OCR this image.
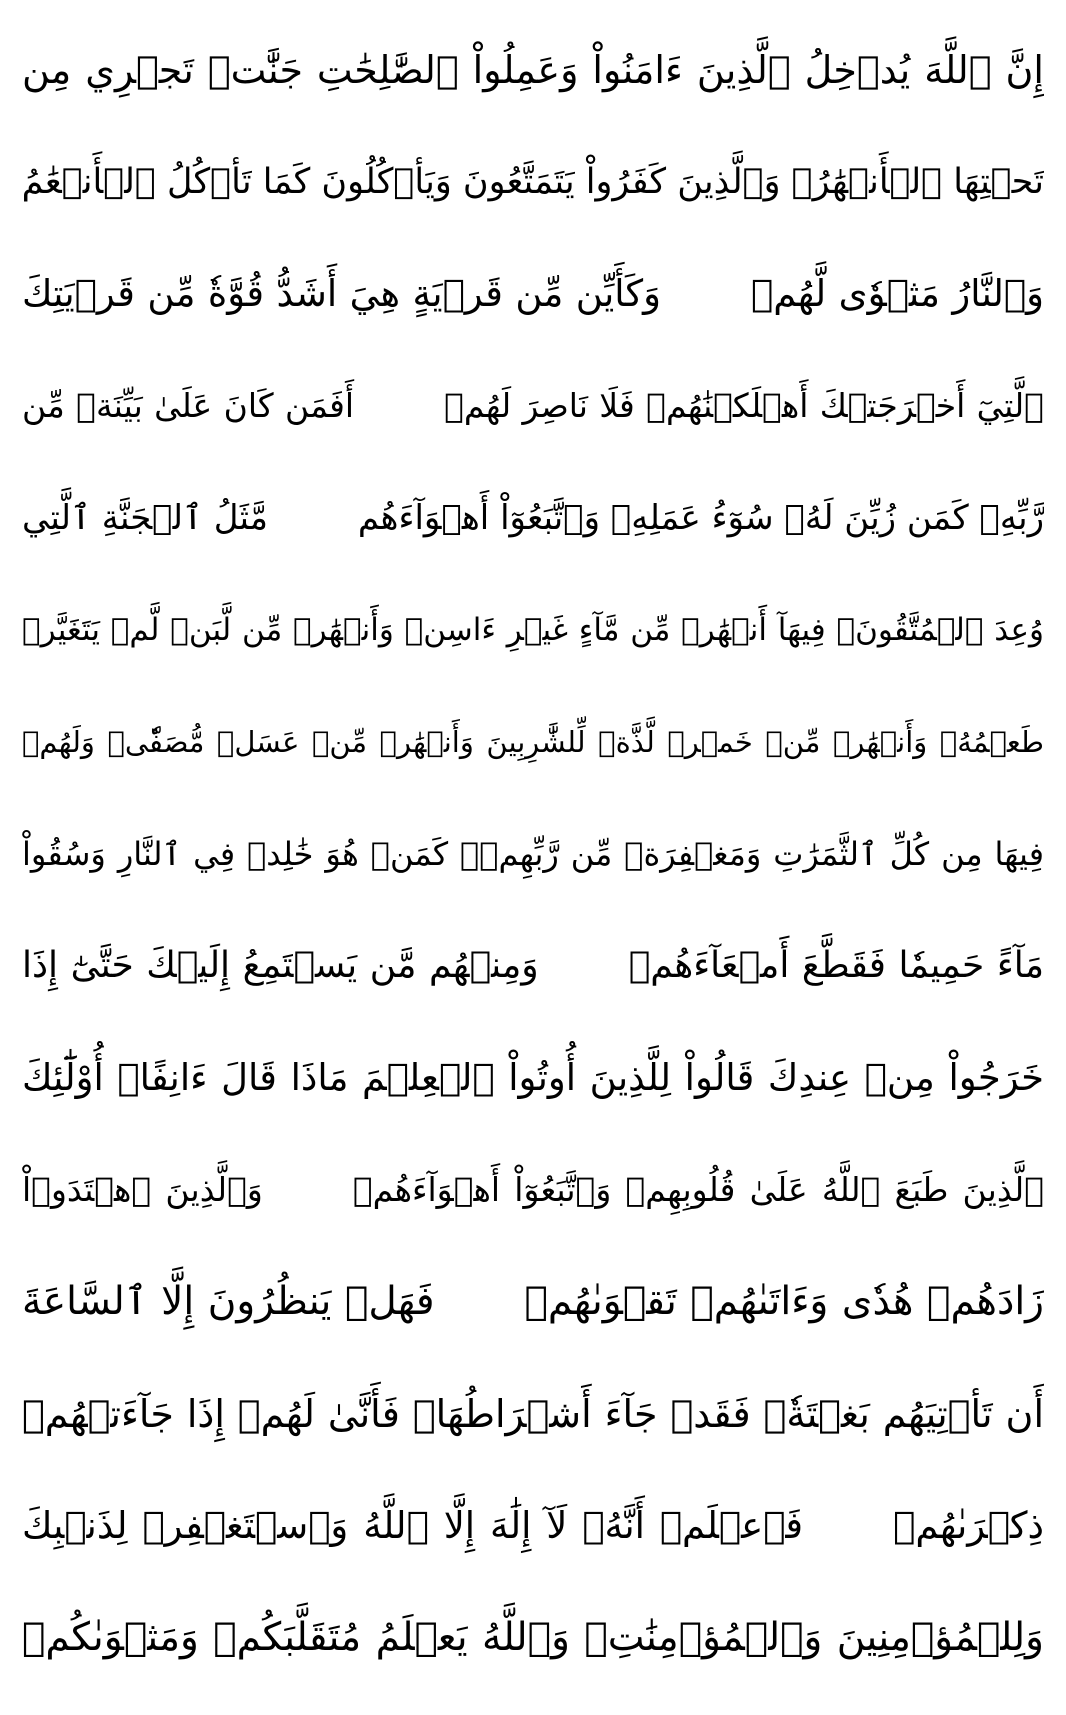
إِنَّ ٱللَّهَ يُدۡخِلُ ٱلَّذِينَ ءَامَنُواْ وَعَمِلُواْ ٱلصَّٰلِحَٰتِ جَنَّٰتٖ تَجۡرِي مِن
تَحۡتِهَا ٱلۡأَنۡهَٰرُۖ وَٱلَّذِينَ كَفَرُواْ يَتَمَتَّعُونَ وَيَأۡكُلُونَ كَمَا تَأۡكُلُ ٱلۡأَنۡعَٰمُ
وَٱلنَّارُ مَثۡوٗى لَّهُمۡوَكَأَيِّن مِّن قَرۡيَةٍ هِيَ أَشَدُّ قُوَّةٗ مِّن قَرۡيَتِكَ
ٱلَّتِيٓ أَخۡرَجَتۡكَ أَهۡلَكۡنَٰهُمۡ فَلَا نَاصِرَ لَهُمۡأَفَمَن كَانَ عَلَىٰ بَيِّنَةٖ مِّن
رَّبِّهِۦ كَمَن زُيِّنَ لَهُۥ سُوٓءُ عَمَلِهِۦ وَٱتَّبَعُوٓاْ أَهۡوَآءَهُممَّثَلُ ٱلۡجَنَّةِ ٱلَّتِي
وُعِدَ ٱلۡمُتَّقُونَۖ فِيهَآ أَنۡهَٰرٞ مِّن مَّآءٍ غَيۡرِ ءَاسِنٖ وَأَنۡهَٰرٞ مِّن لَّبَنٖ لَّمۡ يَتَغَيَّرۡ
طَعۡمُهُۥ وَأَنۡهَٰرٞ مِّنۡ خَمۡرٖ لَّذَّةٖ لِّلشَّٰرِبِينَ وَأَنۡهَٰرٞ مِّنۡ عَسَلٖ مُّصَفّٗىۖ وَلَهُمۡ
فِيهَا مِن كُلِّ ٱلثَّمَرَٰتِ وَمَغۡفِرَةٞ مِّن رَّبِّهِمۡۖ كَمَنۡ هُوَ خَٰلِدٞ فِي ٱلنَّارِ وَسُقُواْ
مَآءً حَمِيمٗا فَقَطَّعَ أَمۡعَآءَهُمۡوَمِنۡهُم مَّن يَسۡتَمِعُ إِلَيۡكَ حَتَّىٰٓ إِذَا
خَرَجُواْ مِنۡ عِندِكَ قَالُواْ لِلَّذِينَ أُوتُواْ ٱلۡعِلۡمَ مَاذَا قَالَ ءَانِفًاۚ أُوْلَٰٓئِكَ
ٱلَّذِينَ طَبَعَ ٱللَّهُ عَلَىٰ قُلُوبِهِمۡ وَٱتَّبَعُوٓاْ أَهۡوَآءَهُمۡوَٱلَّذِينَ ٱهۡتَدَوۡاْ
زَادَهُمۡ هُدٗى وَءَاتَىٰهُمۡ تَقۡوَىٰهُمۡفَهَلۡ يَنظُرُونَ إِلَّا ٱلسَّاعَةَ
أَن تَأۡتِيَهُم بَغۡتَةٗۖ فَقَدۡ جَآءَ أَشۡرَاطُهَاۚ فَأَنَّىٰ لَهُمۡ إِذَا جَآءَتۡهُمۡ
ذِكۡرَىٰهُمۡفَٱعۡلَمۡ أَنَّهُۥ لَآ إِلَٰهَ إِلَّا ٱللَّهُ وَٱسۡتَغۡفِرۡ لِذَنۢبِكَ
وَلِلۡمُؤۡمِنِينَ وَٱلۡمُؤۡمِنَٰتِۗ وَٱللَّهُ يَعۡلَمُ مُتَقَلَّبَكُمۡ وَمَثۡوَىٰكُمۡ
